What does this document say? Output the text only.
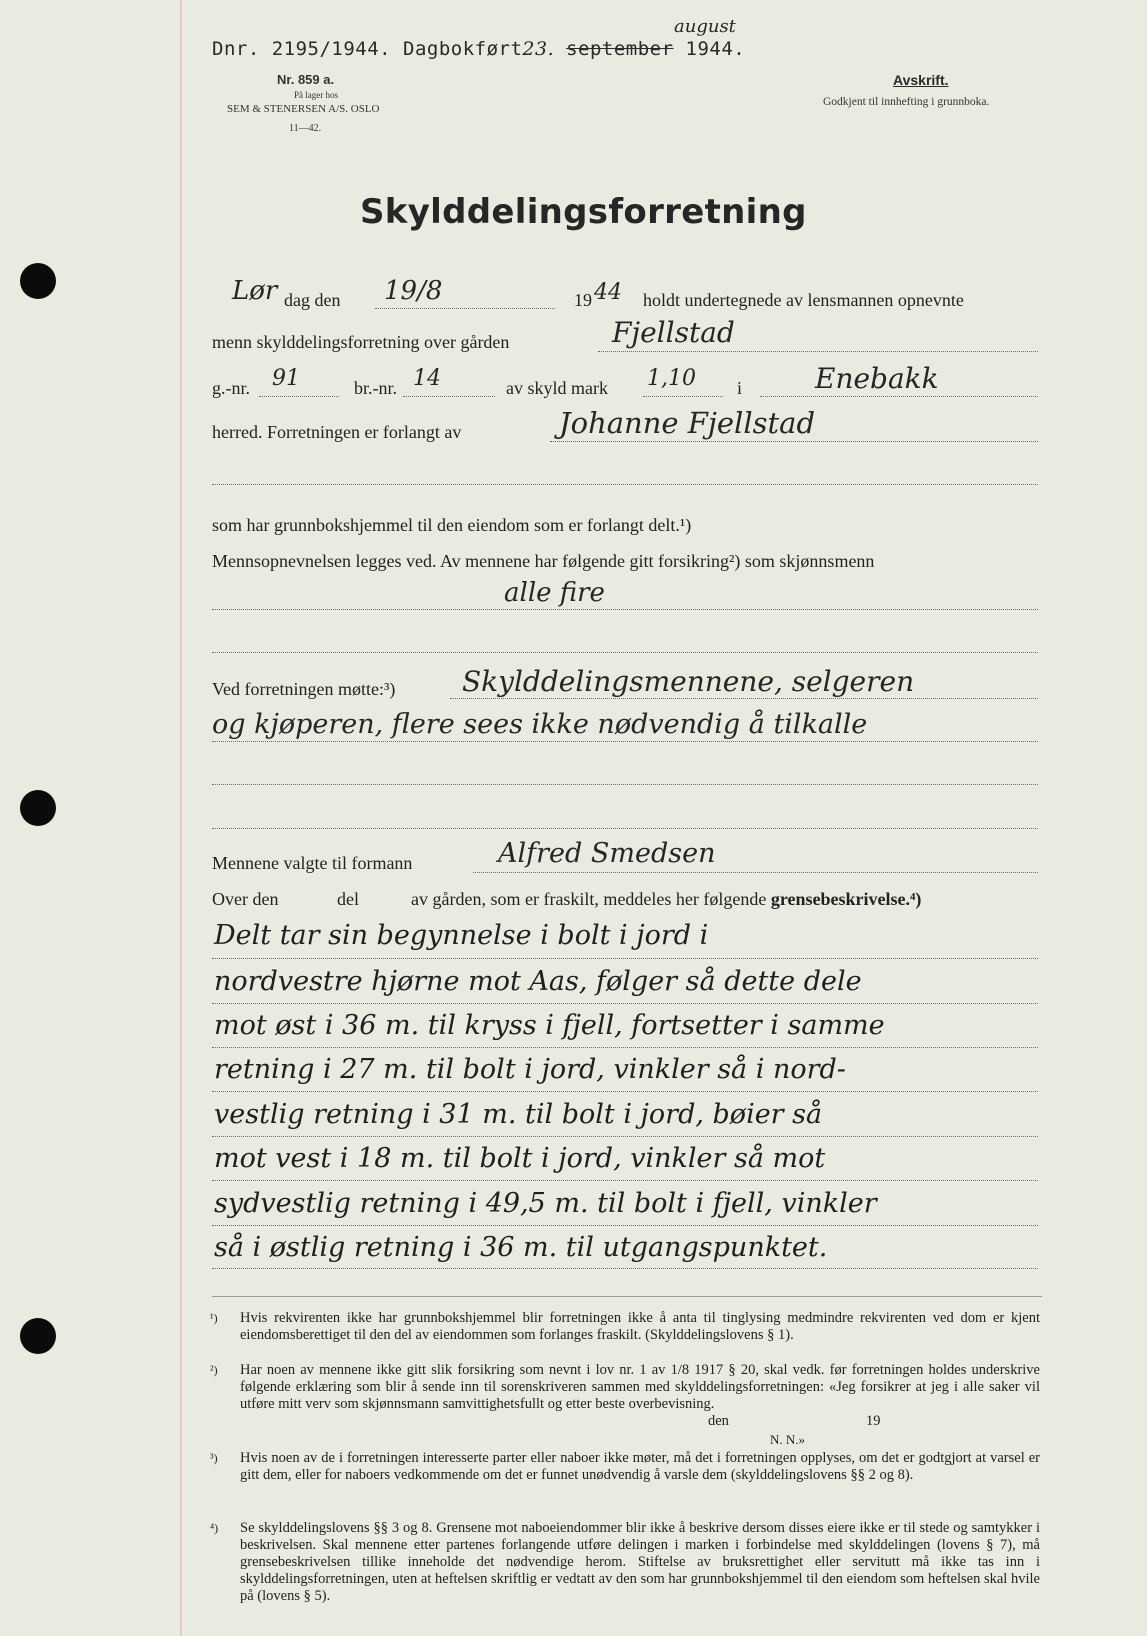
Dnr. 2195/1944. Dagbokført23. september 1944.
august
Nr. 859 a.
På lager hos
SEM & STENERSEN A/S. OSLO
11—42.
Avskrift.
Godkjent til innhefting i grunnboka.
Skylddelingsforretning
Lør dag den 19/8	19 44 holdt undertegnede av lensmannen opnevnte
menn skylddelingsforretning over gården	Fjellstad
g.-nr. 91	br.-nr. 14	av skyld mark 1,10 i	Enebakk
herred. Forretningen er forlangt av	Johanne Fjellstad
som har grunnbokshjemmel til den eiendom som er forlangt delt.¹)
Mennsopnevnelsen legges ved. Av mennene har følgende gitt forsikring²) som skjønnsmenn
alle fire
Ved forretningen møtte:³) Skylddelingsmennene, selgeren
og kjøperen, flere sees ikke nødvendig å tilkalle
Mennene valgte til formann	Alfred Smedsen
Over den	del	av gården, som er fraskilt, meddeles her følgende grensebeskrivelse.⁴)
Delt tar sin begynnelse i bolt i jord i
nordvestre hjørne mot Aas, følger så dette dele
mot øst i 36 m. til kryss i fjell, fortsetter i samme
retning i 27 m. til bolt i jord, vinkler så i nord-
vestlig retning i 31 m. til bolt i jord, bøier så
mot vest i 18 m. til bolt i jord, vinkler så mot
sydvestlig retning i 49,5 m. til bolt i fjell, vinkler
så i østlig retning i 36 m. til utgangspunktet.
¹)	Hvis rekvirenten ikke har grunnbokshjemmel blir forretningen ikke å anta til tinglysing medmindre rekvirenten ved dom er kjent eiendomsberettiget til den del av eiendommen som forlanges fraskilt. (Skylddelingslovens § 1).
²)	Har noen av mennene ikke gitt slik forsikring som nevnt i lov nr. 1 av 1/8 1917 § 20, skal vedk. før forretningen holdes underskrive følgende erklæring som blir å sende inn til sorenskriveren sammen med skylddelingsforretningen: «Jeg forsikrer at jeg i alle saker vil utføre mitt verv som skjønnsmann samvittighetsfullt og etter beste overbevisning.
den	19
N. N.»
³)	Hvis noen av de i forretningen interesserte parter eller naboer ikke møter, må det i forretningen opplyses, om det er godtgjort at varsel er gitt dem, eller for naboers vedkommende om det er funnet unødvendig å varsle dem (skylddelingslovens §§ 2 og 8).
⁴)	Se skylddelingslovens §§ 3 og 8. Grensene mot naboeiendommer blir ikke å beskrive dersom disses eiere ikke er til stede og samtykker i beskrivelsen. Skal mennene etter partenes forlangende utføre delingen i marken i forbindelse med skylddelingen (lovens § 7), må grensebeskrivelsen tillike inneholde det nødvendige herom. Stiftelse av bruksrettighet eller servitutt må ikke tas inn i skylddelingsforretningen, uten at heftelsen skriftlig er vedtatt av den som har grunnbokshjemmel til den eiendom som heftelsen skal hvile på (lovens § 5).
